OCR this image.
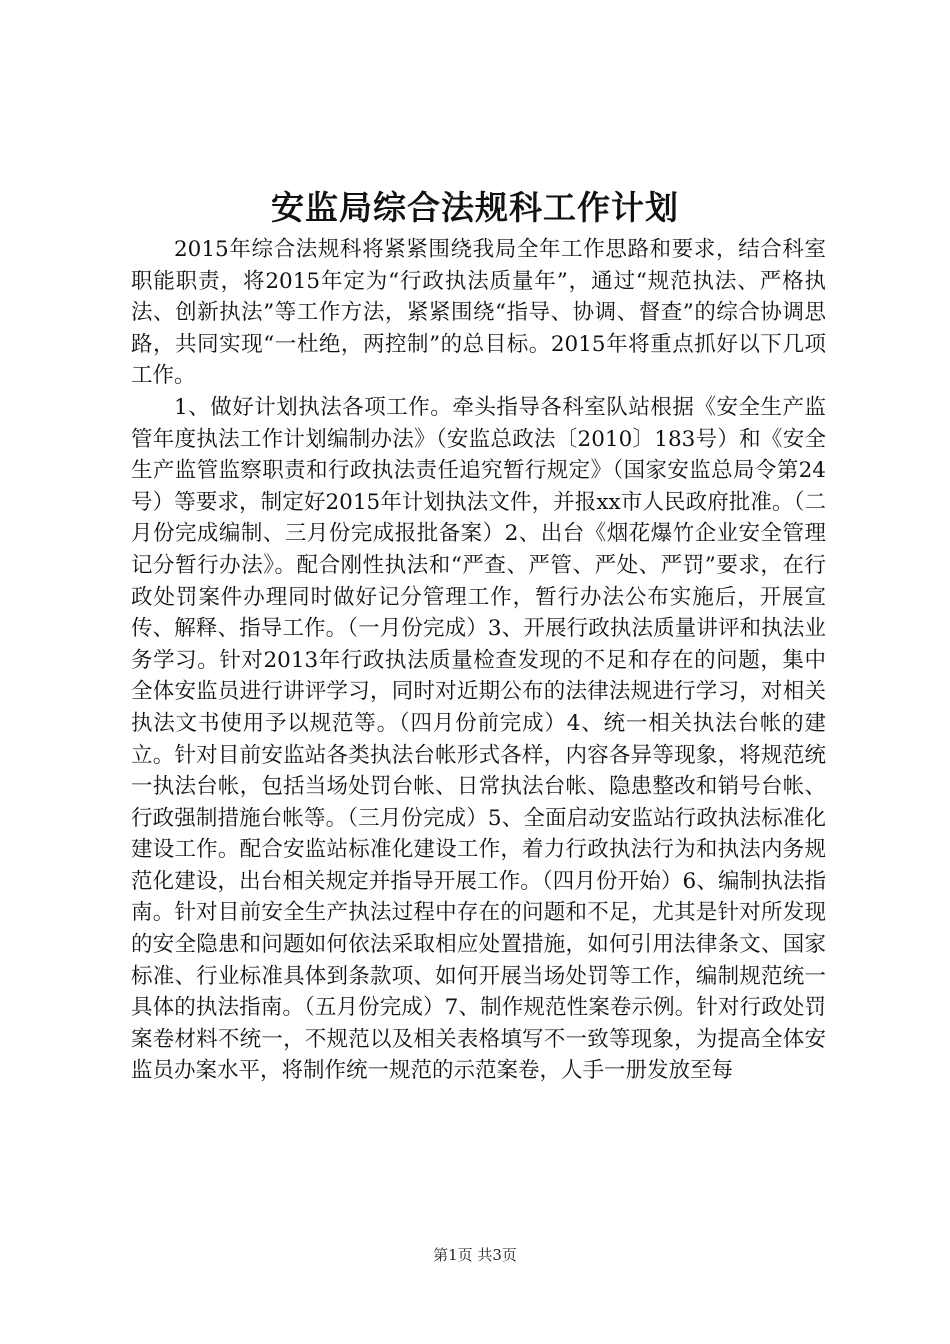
安监局综合法规科工作计划

2015年综合法规科将紧紧围绕我局全年工作思路和要求，结合科室职能职责，将2015年定为“行政执法质量年”，通过“规范执法、严格执法、创新执法”等工作方法，紧紧围绕“指导、协调、督查”的综合协调思路，共同实现“一杜绝，两控制”的总目标。2015年将重点抓好以下几项工作。

1、做好计划执法各项工作。牵头指导各科室队站根据《安全生产监管年度执法工作计划编制办法》（安监总政法〔2010〕183号）和《安全生产监管监察职责和行政执法责任追究暂行规定》（国家安监总局令第24号）等要求，制定好2015年计划执法文件，并报xx市人民政府批准。（二月份完成编制、三月份完成报批备案）2、出台《烟花爆竹企业安全管理记分暂行办法》。配合刚性执法和“严查、严管、严处、严罚”要求，在行政处罚案件办理同时做好记分管理工作，暂行办法公布实施后，开展宣传、解释、指导工作。（一月份完成）3、开展行政执法质量讲评和执法业务学习。针对2013年行政执法质量检查发现的不足和存在的问题，集中全体安监员进行讲评学习，同时对近期公布的法律法规进行学习，对相关执法文书使用予以规范等。（四月份前完成）4、统一相关执法台帐的建立。针对目前安监站各类执法台帐形式各样，内容各异等现象，将规范统一执法台帐，包括当场处罚台帐、日常执法台帐、隐患整改和销号台帐、行政强制措施台帐等。（三月份完成）5、全面启动安监站行政执法标准化建设工作。配合安监站标准化建设工作，着力行政执法行为和执法内务规范化建设，出台相关规定并指导开展工作。（四月份开始）6、编制执法指南。针对目前安全生产执法过程中存在的问题和不足，尤其是针对所发现的安全隐患和问题如何依法采取相应处置措施，如何引用法律条文、国家标准、行业标准具体到条款项、如何开展当场处罚等工作，编制规范统一具体的执法指南。（五月份完成）7、制作规范性案卷示例。针对行政处罚案卷材料不统一，不规范以及相关表格填写不一致等现象，为提高全体安监员办案水平，将制作统一规范的示范案卷，人手一册发放至每

第1页 共3页
